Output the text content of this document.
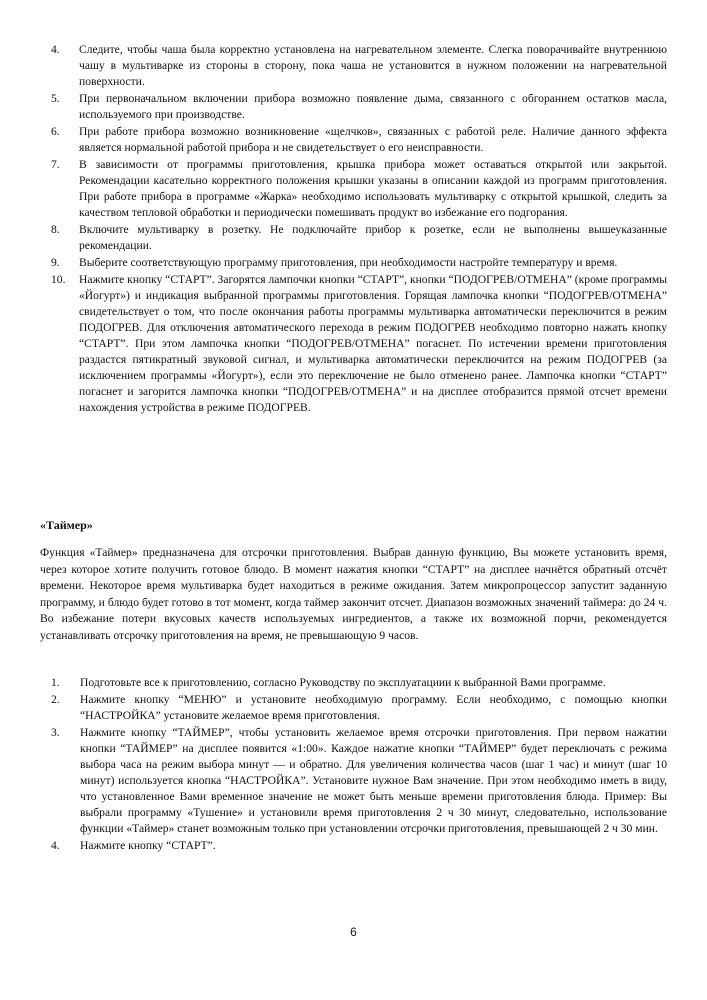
4. Следите, чтобы чаша была корректно установлена на нагревательном элементе. Слегка поворачивайте внутреннюю чашу в мультиварке из стороны в сторону, пока чаша не установится в нужном положении на нагревательной поверхности.
5. При первоначальном включении прибора возможно появление дыма, связанного с обгоранием остатков масла, используемого при производстве.
6. При работе прибора возможно возникновение «щелчков», связанных с работой реле. Наличие данного эффекта является нормальной работой прибора и не свидетельствует о его неисправности.
7. В зависимости от программы приготовления, крышка прибора может оставаться открытой или закрытой. Рекомендации касательно корректного положения крышки указаны в описании каждой из программ приготовления. При работе прибора в программе «Жарка» необходимо использовать мультиварку с открытой крышкой, следить за качеством тепловой обработки и периодически помешивать продукт во избежание его подгорания.
8. Включите мультиварку в розетку. Не подключайте прибор к розетке, если не выполнены вышеуказанные рекомендации.
9. Выберите соответствующую программу приготовления, при необходимости настройте температуру и время.
10. Нажмите кнопку “СТАРТ”. Загорятся лампочки кнопки “СТАРТ”, кнопки “ПОДОГРЕВ/ОТМЕНА” (кроме программы «Йогурт») и индикация выбранной программы приготовления. Горящая лампочка кнопки “ПОДОГРЕВ/ОТМЕНА” свидетельствует о том, что после окончания работы программы мультиварка автоматически переключится в режим ПОДОГРЕВ. Для отключения автоматического перехода в режим ПОДОГРЕВ необходимо повторно нажать кнопку “СТАРТ”. При этом лампочка кнопки “ПОДОГРЕВ/ОТМЕНА” погаснет. По истечении времени приготовления раздастся пятикратный звуковой сигнал, и мультиварка автоматически переключится на режим ПОДОГРЕВ (за исключением программы «Йогурт»), если это переключение не было отменено ранее. Лампочка кнопки “СТАРТ” погаснет и загорится лампочка кнопки “ПОДОГРЕВ/ОТМЕНА” и на дисплее отобразится прямой отсчет времени нахождения устройства в режиме ПОДОГРЕВ.
«Таймер»

Функция «Таймер» предназначена для отсрочки приготовления. Выбрав данную функцию, Вы можете установить время, через которое хотите получить готовое блюдо. В момент нажатия кнопки “СТАРТ” на дисплее начнётся обратный отсчёт времени. Некоторое время мультиварка будет находиться в режиме ожидания. Затем микропроцессор запустит заданную программу, и блюдо будет готово в тот момент, когда таймер закончит отсчет. Диапазон возможных значений таймера: до 24 ч. Во избежание потери вкусовых качеств используемых ингредиентов, а также их возможной порчи, рекомендуется устанавливать отсрочку приготовления на время, не превышающую 9 часов.

1. Подготовьте все к приготовлению, согласно Руководству по эксплуатациии к выбранной Вами программе.
2. Нажмите кнопку “МЕНЮ” и установите необходимую программу. Если необходимо, с помощью кнопки “НАСТРОЙКА” установите желаемое время приготовления.
3. Нажмите кнопку “ТАЙМЕР”, чтобы установить желаемое время отсрочки приготовления. При первом нажатии кнопки “ТАЙМЕР” на дисплее появится «1:00». Каждое нажатие кнопки “ТАЙМЕР” будет переключать с режима выбора часа на режим выбора минут — и обратно. Для увеличения количества часов (шаг 1 час) и минут (шаг 10 минут) используется кнопка “НАСТРОЙКА”. Установите нужное Вам значение. При этом необходимо иметь в виду, что установленное Вами временное значение не может быть меньше времени приготовления блюда. Пример: Вы выбрали программу «Тушение» и установили время приготовления 2 ч 30 минут, следовательно, использование функции «Таймер» станет возможным только при установлении отсрочки приготовления, превышающей 2 ч 30 мин.
4. Нажмите кнопку “СТАРТ”.
6
